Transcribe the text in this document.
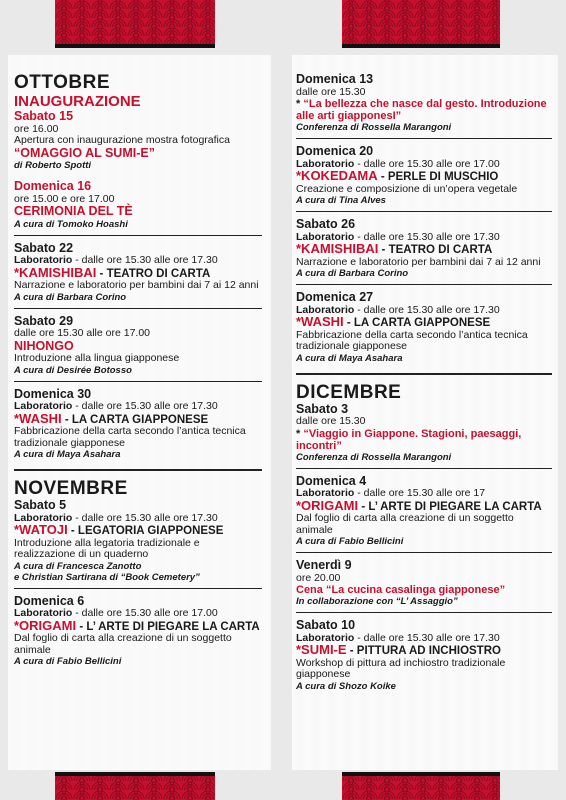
OTTOBRE
INAUGURAZIONE
Sabato 15
ore 16.00
Apertura con inaugurazione mostra fotografica
“OMAGGIO AL SUMI-E”
di Roberto Spotti
Domenica 16
ore 15.00 e ore 17.00
CERIMONIA DEL TÈ
A cura di Tomoko Hoashi
Sabato 22
Laboratorio - dalle ore 15.30 alle ore 17.30
*KAMISHIBAI - TEATRO DI CARTA
Narrazione e laboratorio per bambini dai 7 ai 12 anni
A cura di Barbara Corino
Sabato 29
dalle ore 15.30 alle ore 17.00
NIHONGO
Introduzione alla lingua giapponese
A cura di Desirée Botosso
Domenica 30
Laboratorio - dalle ore 15.30 alle ore 17.30
*WASHI - LA CARTA GIAPPONESE
Fabbricazione della carta secondo l’antica tecnica tradizionale giapponese
A cura di Maya Asahara
NOVEMBRE
Sabato 5
Laboratorio - dalle ore 15.30 alle ore 17.30
*WATOJI - LEGATORIA GIAPPONESE
Introduzione alla legatoria tradizionale e realizzazione di un quaderno
A cura di Francesca Zanotto
e Christian Sartirana di “Book Cemetery”
Domenica 6
Laboratorio - dalle ore 15.30 alle ore 17.00
*ORIGAMI - L’ ARTE DI PIEGARE LA CARTA
Dal foglio di carta alla creazione di un soggetto animale
A cura di Fabio Bellicini
Domenica 13
dalle ore 15.30
* “La bellezza che nasce dal gesto. Introduzione alle arti giapponesI”
Conferenza di Rossella Marangoni
Domenica 20
Laboratorio - dalle ore 15.30 alle ore 17.00
*KOKEDAMA - PERLE DI MUSCHIO
Creazione e composizione di un’opera vegetale
A cura di Tina Alves
Sabato 26
Laboratorio - dalle ore 15.30 alle ore 17.30
*KAMISHIBAI - TEATRO DI CARTA
Narrazione e laboratorio per bambini dai 7 ai 12 anni
A cura di Barbara Corino
Domenica 27
Laboratorio - dalle ore 15.30 alle ore 17.30
*WASHI - LA CARTA GIAPPONESE
Fabbricazione della carta secondo l’antica tecnica tradizionale giapponese
A cura di Maya Asahara
DICEMBRE
Sabato 3
dalle ore 15.30
* “Viaggio in Giappone. Stagioni, paesaggi, incontri”
Conferenza di Rossella Marangoni
Domenica 4
Laboratorio - dalle ore 15.30 alle ore 17
*ORIGAMI - L’ ARTE DI PIEGARE LA CARTA
Dal foglio di carta alla creazione di un soggetto animale
A cura di Fabio Bellicini
Venerdì 9
ore 20.00
Cena “La cucina casalinga giapponese”
In collaborazione con “L’ Assaggio”
Sabato 10
Laboratorio - dalle ore 15.30 alle ore 17.30
*SUMI-E - PITTURA AD INCHIOSTRO
Workshop di pittura ad inchiostro tradizionale giapponese
A cura di Shozo Koike
